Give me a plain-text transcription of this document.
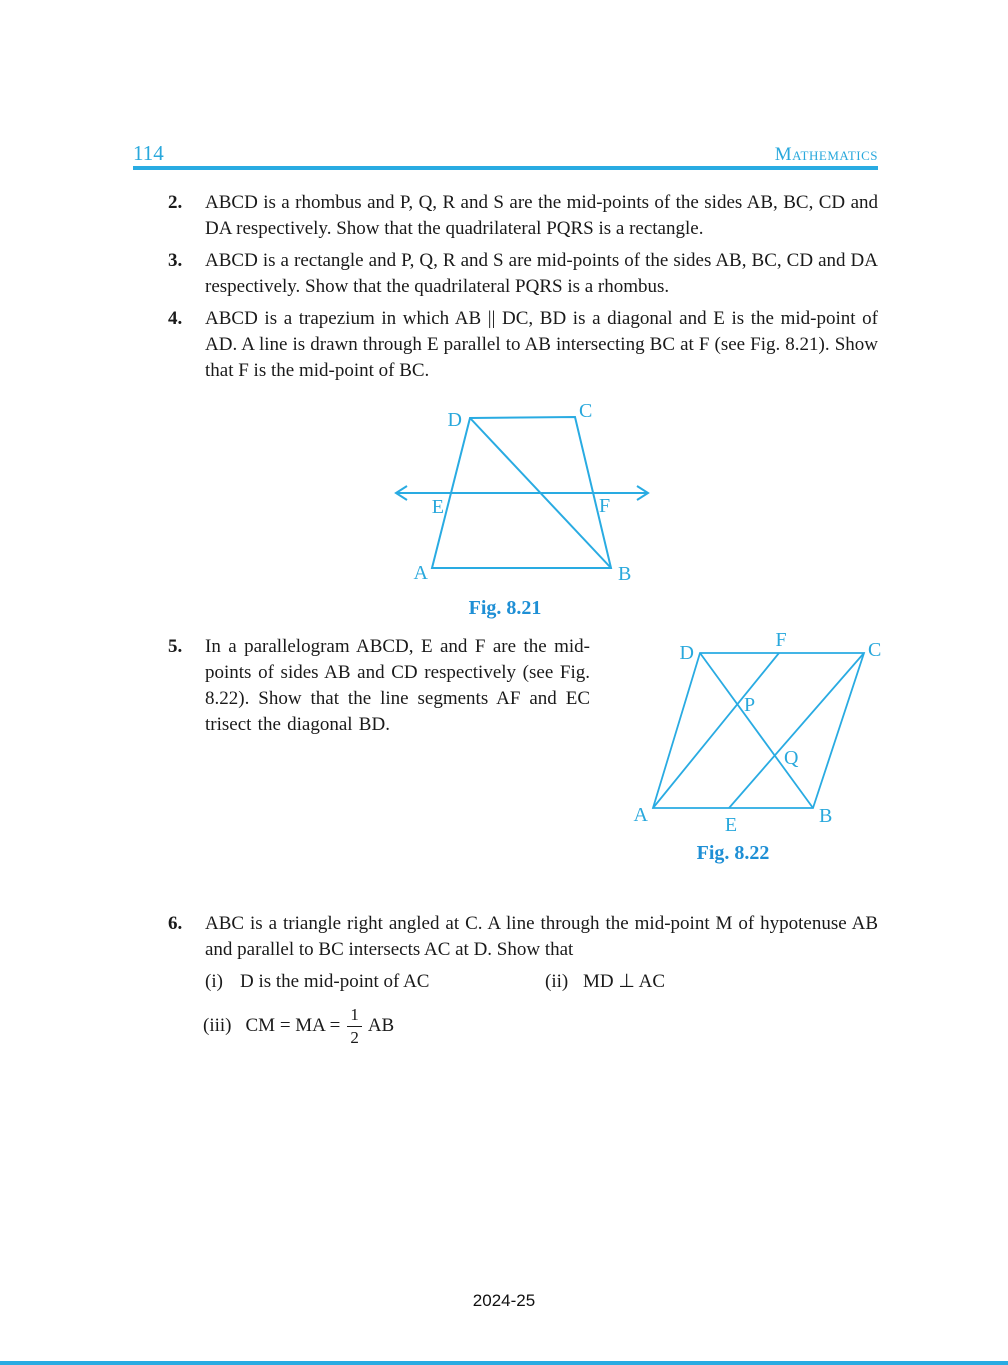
114	Mathematics
2. ABCD is a rhombus and P, Q, R and S are the mid-points of the sides AB, BC, CD and DA respectively. Show that the quadrilateral PQRS is a rectangle.
3. ABCD is a rectangle and P, Q, R and S are mid-points of the sides AB, BC, CD and DA respectively. Show that the quadrilateral PQRS is a rhombus.
4. ABCD is a trapezium in which AB || DC, BD is a diagonal and E is the mid-point of AD. A line is drawn through E parallel to AB intersecting BC at F (see Fig. 8.21). Show that F is the mid-point of BC.
D	C
E	F
A	B
Fig. 8.21
5. In a parallelogram ABCD, E and F are the mid-points of sides AB and CD respectively (see Fig. 8.22). Show that the line segments AF and EC trisect the diagonal BD.
D
F	C
P
Q
A	B
E
Fig. 8.22
6. ABC is a triangle right angled at C. A line through the mid-point M of hypotenuse AB and parallel to BC intersects AC at D. Show that
(i) D is the mid-point of AC	(ii) MD ⊥ AC
(iii) CM = MA = $\frac{1}{2}$ AB
2024-25
